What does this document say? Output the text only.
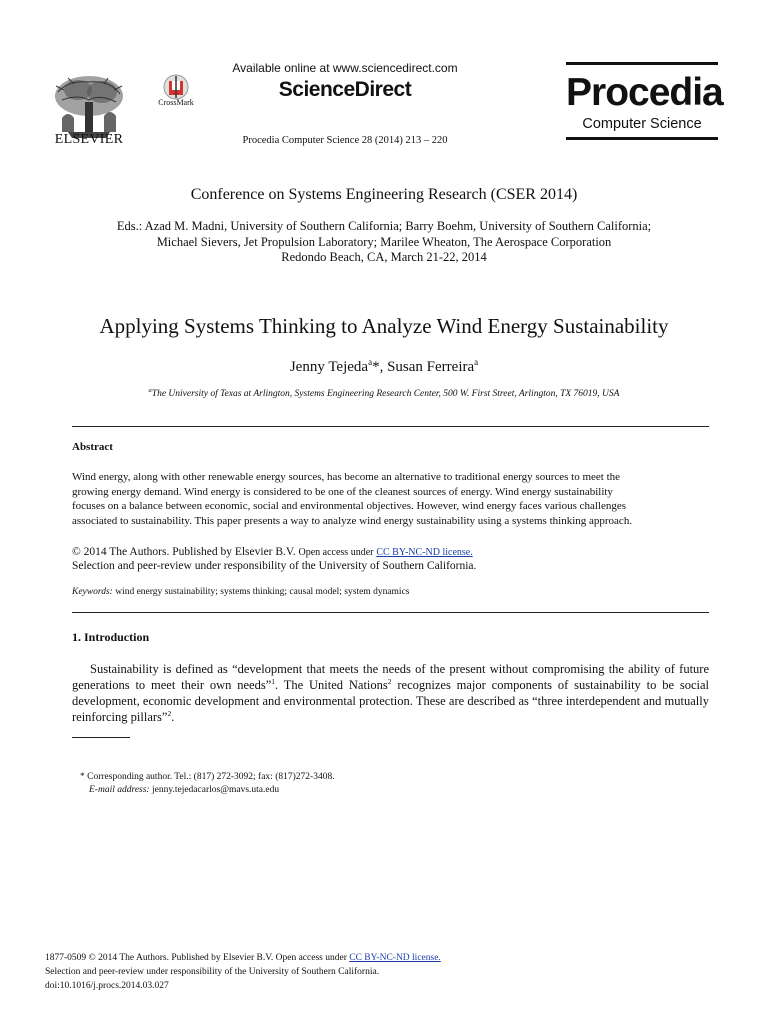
ELSEVIER
CrossMark
Available online at www.sciencedirect.com
ScienceDirect
Procedia Computer Science 28 (2014) 213 – 220
Procedia
Computer Science
Conference on Systems Engineering Research (CSER 2014)
Eds.: Azad M. Madni, University of Southern California; Barry Boehm, University of Southern California;
Michael Sievers, Jet Propulsion Laboratory; Marilee Wheaton, The Aerospace Corporation
Redondo Beach, CA, March 21-22, 2014
Applying Systems Thinking to Analyze Wind Energy Sustainability
Jenny Tejeda$^a$*, Susan Ferreira$^a$
$^a$The University of Texas at Arlington, Systems Engineering Research Center, 500 W. First Street, Arlington, TX 76019, USA
Abstract
Wind energy, along with other renewable energy sources, has become an alternative to traditional energy sources to meet the
growing energy demand. Wind energy is considered to be one of the cleanest sources of energy. Wind energy sustainability
focuses on a balance between economic, social and environmental objectives. However, wind energy faces various challenges
associated to sustainability. This paper presents a way to analyze wind energy sustainability using a systems thinking approach.
© 2014 The Authors. Published by Elsevier B.V. Open access under CC BY-NC-ND license.
Selection and peer-review under responsibility of the University of Southern California.
Keywords: wind energy sustainability; systems thinking; causal model; system dynamics
1. Introduction
Sustainability is defined as “development that meets the needs of the present without compromising the ability of future generations to meet their own needs”$^1$. The United Nations$^2$ recognizes major components of sustainability to be social development, economic development and environmental protection. These are described as “three interdependent and mutually reinforcing pillars”$^2$.
* Corresponding author. Tel.: (817) 272-3092; fax: (817)272-3408.
E-mail address: jenny.tejedacarlos@mavs.uta.edu
1877-0509 © 2014 The Authors. Published by Elsevier B.V. Open access under CC BY-NC-ND license.
Selection and peer-review under responsibility of the University of Southern California.
doi:10.1016/j.procs.2014.03.027
